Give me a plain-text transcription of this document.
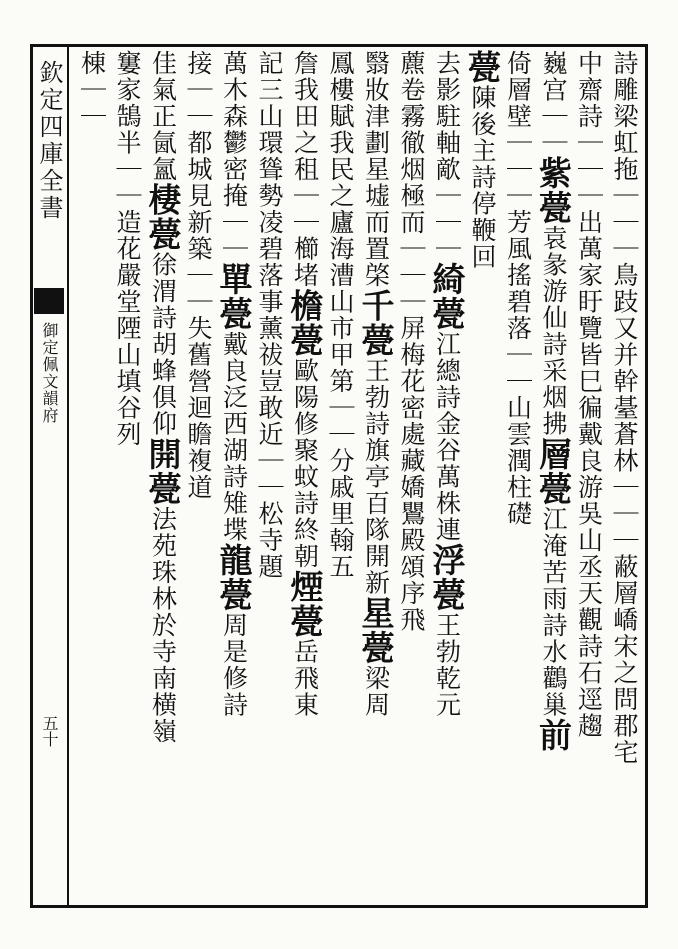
欽定四庫全書
御定佩文韻府
五十
詩雕梁虹拖｜｜｜鳥跂又并幹䑓蒼林｜｜｜蔽層嶠宋之問郡宅
中齋詩｜｜｜出萬家盱覽皆巳徧戴良游吳山丞天觀詩石逕趨
巍宫｜｜紫甍袁彖游仙詩采烟拂層甍江淹苦雨詩水鸛巢前
倚層壁｜｜｜芳風搖碧落｜｜山雲潤柱礎
甍陳後主詩停鞭回
去影駐軸歒｜｜｜綺甍江總詩金谷萬株連浮甍王勃乾元
藨卷霧徹烟極而｜｜｜屏梅花密處藏嬌鸎殿頌序飛
翳妝津劃星墟而置棨千甍王勃詩旗亭百隊開新星甍梁周
鳳樓賦我民之廬海漕山市甲第｜｜分戚里翰五
詹我田之租｜｜櫛堵檐甍歐陽修聚蚊詩終朝煙甍岳飛東
記三山環聳勢凌碧落事薰祓豈敢近｜｜松寺題
萬木森鬱密掩｜｜單甍戴良泛西湖詩雉堞龍甍周是修詩
接｜｜都城見新築｜｜失舊營迴瞻複道
佳氣正氤氳棲甍徐渭詩胡蜂俱仰開甍法苑珠林於寺南横嶺
窶家鵠半｜｜造花嚴堂陻山填谷列
棟｜｜
